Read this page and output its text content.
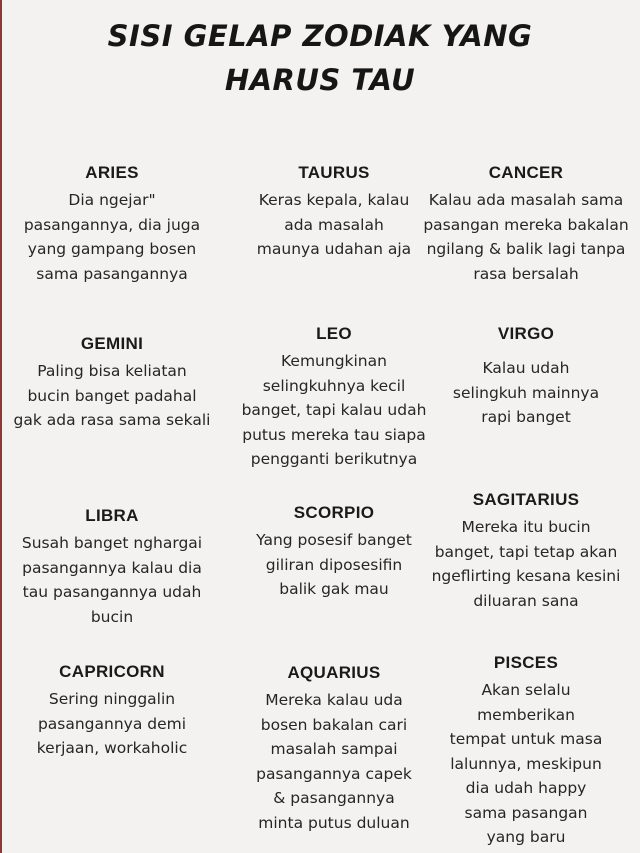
SISI GELAP ZODIAK YANG
HARUS TAU
ARIES
Dia ngejar"
pasangannya, dia juga
yang gampang bosen
sama pasangannya
TAURUS
Keras kepala, kalau
ada masalah
maunya udahan aja
CANCER
Kalau ada masalah sama
pasangan mereka bakalan
ngilang & balik lagi tanpa
rasa bersalah
GEMINI
Paling bisa keliatan
bucin banget padahal
gak ada rasa sama sekali
LEO
Kemungkinan
selingkuhnya kecil
banget, tapi kalau udah
putus mereka tau siapa
pengganti berikutnya
VIRGO
Kalau udah
selingkuh mainnya
rapi banget
LIBRA
Susah banget nghargai
pasangannya kalau dia
tau pasangannya udah
bucin
SCORPIO
Yang posesif banget
giliran diposesifin
balik gak mau
SAGITARIUS
Mereka itu bucin
banget, tapi tetap akan
ngeflirting kesana kesini
diluaran sana
CAPRICORN
Sering ninggalin
pasangannya demi
kerjaan, workaholic
AQUARIUS
Mereka kalau uda
bosen bakalan cari
masalah sampai
pasangannya capek
& pasangannya
minta putus duluan
PISCES
Akan selalu
memberikan
tempat untuk masa
lalunnya, meskipun
dia udah happy
sama pasangan
yang baru
